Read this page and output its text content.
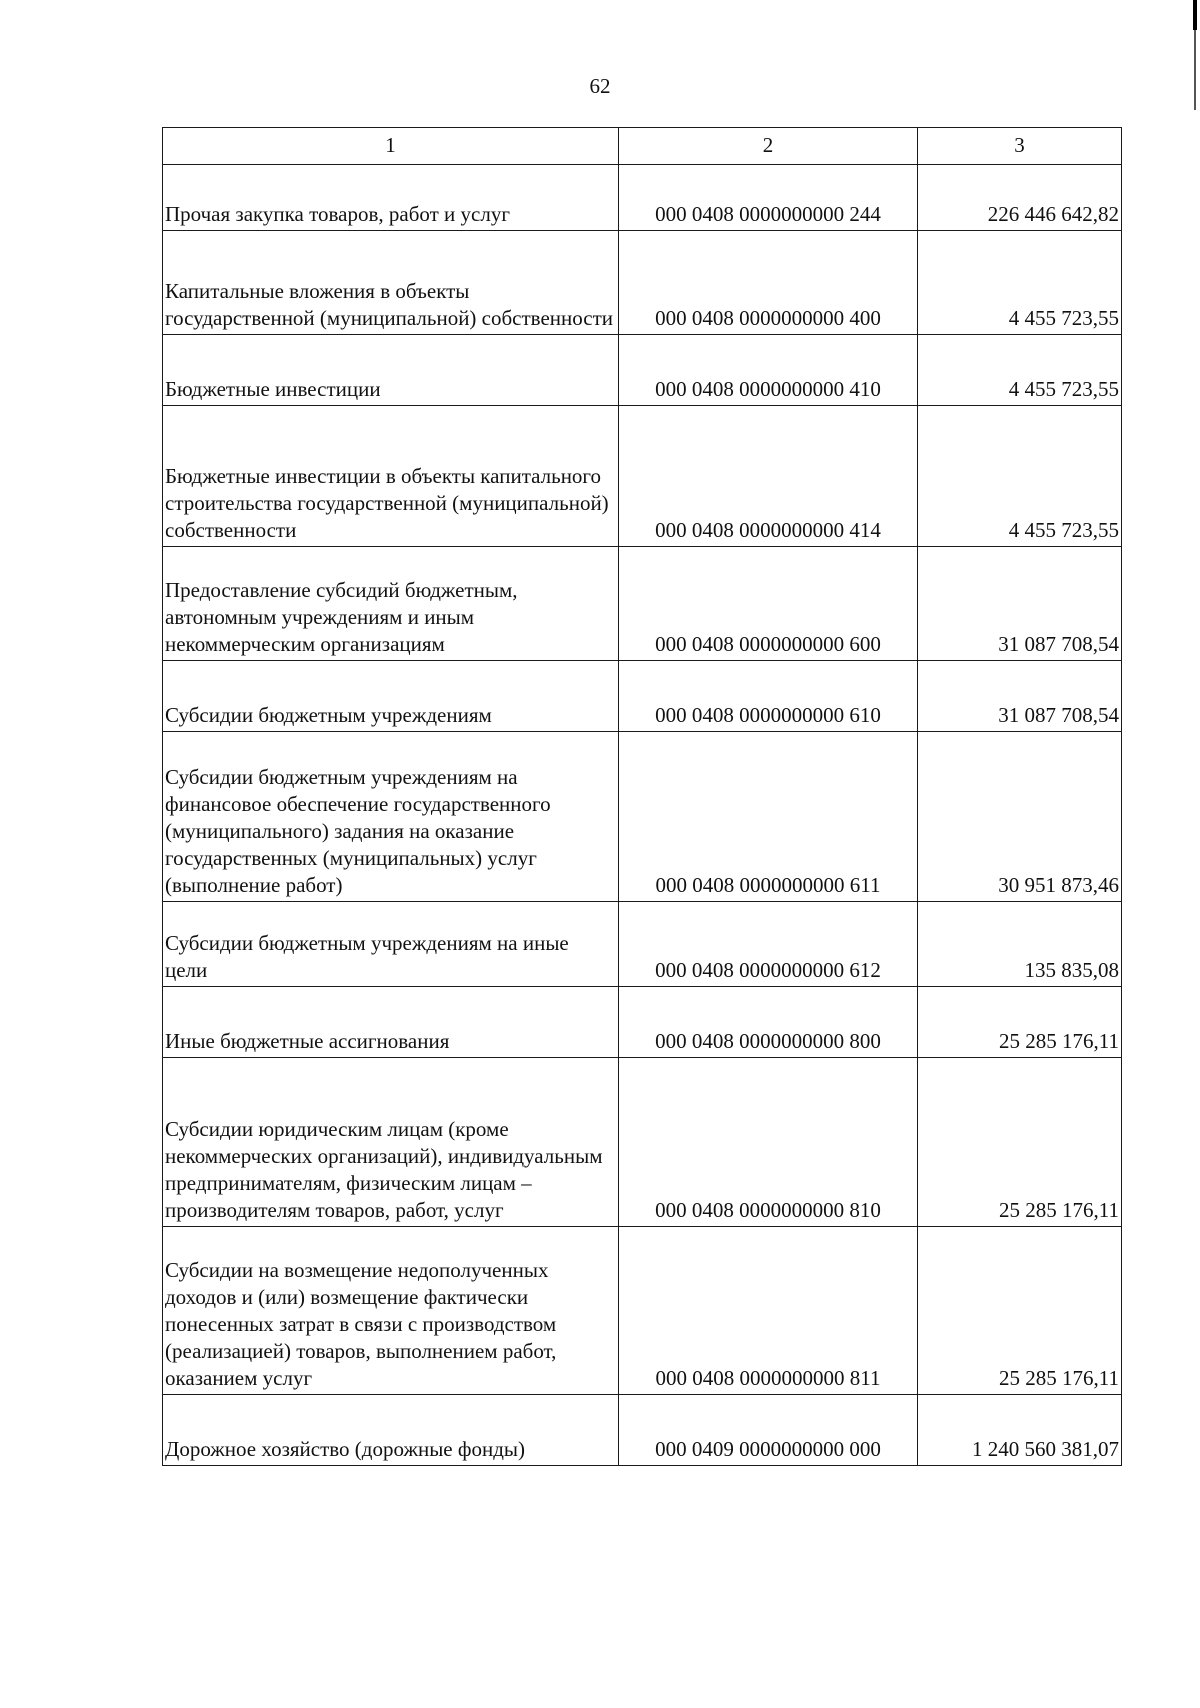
62
1	2	3
Прочая закупка товаров, работ и услуг	000 0408 0000000000 244	226 446 642,82
Капитальные вложения в объекты государственной (муниципальной) собственности	000 0408 0000000000 400	4 455 723,55
Бюджетные инвестиции	000 0408 0000000000 410	4 455 723,55
Бюджетные инвестиции в объекты капитального строительства государственной (муниципальной) собственности	000 0408 0000000000 414	4 455 723,55
Предоставление субсидий бюджетным, автономным учреждениям и иным некоммерческим организациям	000 0408 0000000000 600	31 087 708,54
Субсидии бюджетным учреждениям	000 0408 0000000000 610	31 087 708,54
Субсидии бюджетным учреждениям на финансовое обеспечение государственного (муниципального) задания на оказание государственных (муниципальных) услуг (выполнение работ)	000 0408 0000000000 611	30 951 873,46
Субсидии бюджетным учреждениям на иные цели	000 0408 0000000000 612	135 835,08
Иные бюджетные ассигнования	000 0408 0000000000 800	25 285 176,11
Субсидии юридическим лицам (кроме некоммерческих организаций), индивидуальным предпринимателям, физическим лицам – производителям товаров, работ, услуг	000 0408 0000000000 810	25 285 176,11
Субсидии на возмещение недополученных доходов и (или) возмещение фактически понесенных затрат в связи с производством (реализацией) товаров, выполнением работ, оказанием услуг	000 0408 0000000000 811	25 285 176,11
Дорожное хозяйство (дорожные фонды)	000 0409 0000000000 000	1 240 560 381,07
